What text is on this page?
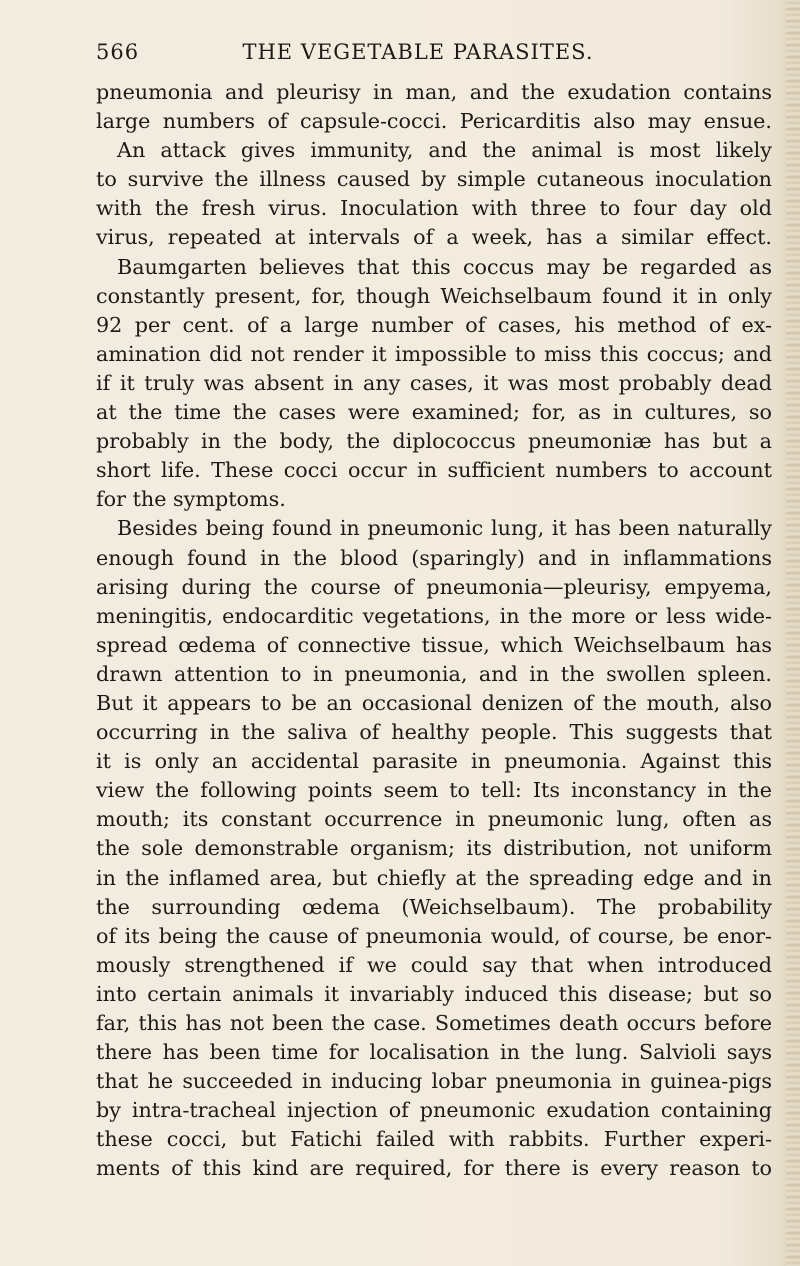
566	THE VEGETABLE PARASITES.

pneumonia and pleurisy in man, and the exudation contains

large numbers of capsule-cocci. Pericarditis also may ensue.

An attack gives immunity, and the animal is most likely

to survive the illness caused by simple cutaneous inoculation

with the fresh virus. Inoculation with three to four day old

virus, repeated at intervals of a week, has a similar effect.

Baumgarten believes that this coccus may be regarded as

constantly present, for, though Weichselbaum found it in only

92 per cent. of a large number of cases, his method of ex-

amination did not render it impossible to miss this coccus; and

if it truly was absent in any cases, it was most probably dead

at the time the cases were examined; for, as in cultures, so

probably in the body, the diplococcus pneumoniæ has but a

short life. These cocci occur in sufficient numbers to account

for the symptoms.

Besides being found in pneumonic lung, it has been naturally

enough found in the blood (sparingly) and in inflammations

arising during the course of pneumonia—pleurisy, empyema,

meningitis, endocarditic vegetations, in the more or less wide-

spread œdema of connective tissue, which Weichselbaum has

drawn attention to in pneumonia, and in the swollen spleen.

But it appears to be an occasional denizen of the mouth, also

occurring in the saliva of healthy people. This suggests that

it is only an accidental parasite in pneumonia. Against this

view the following points seem to tell: Its inconstancy in the

mouth; its constant occurrence in pneumonic lung, often as

the sole demonstrable organism; its distribution, not uniform

in the inflamed area, but chiefly at the spreading edge and in

the surrounding œdema (Weichselbaum). The probability

of its being the cause of pneumonia would, of course, be enor-

mously strengthened if we could say that when introduced

into certain animals it invariably induced this disease; but so

far, this has not been the case. Sometimes death occurs before

there has been time for localisation in the lung. Salvioli says

that he succeeded in inducing lobar pneumonia in guinea-pigs

by intra-tracheal injection of pneumonic exudation containing

these cocci, but Fatichi failed with rabbits. Further experi-

ments of this kind are required, for there is every reason to
